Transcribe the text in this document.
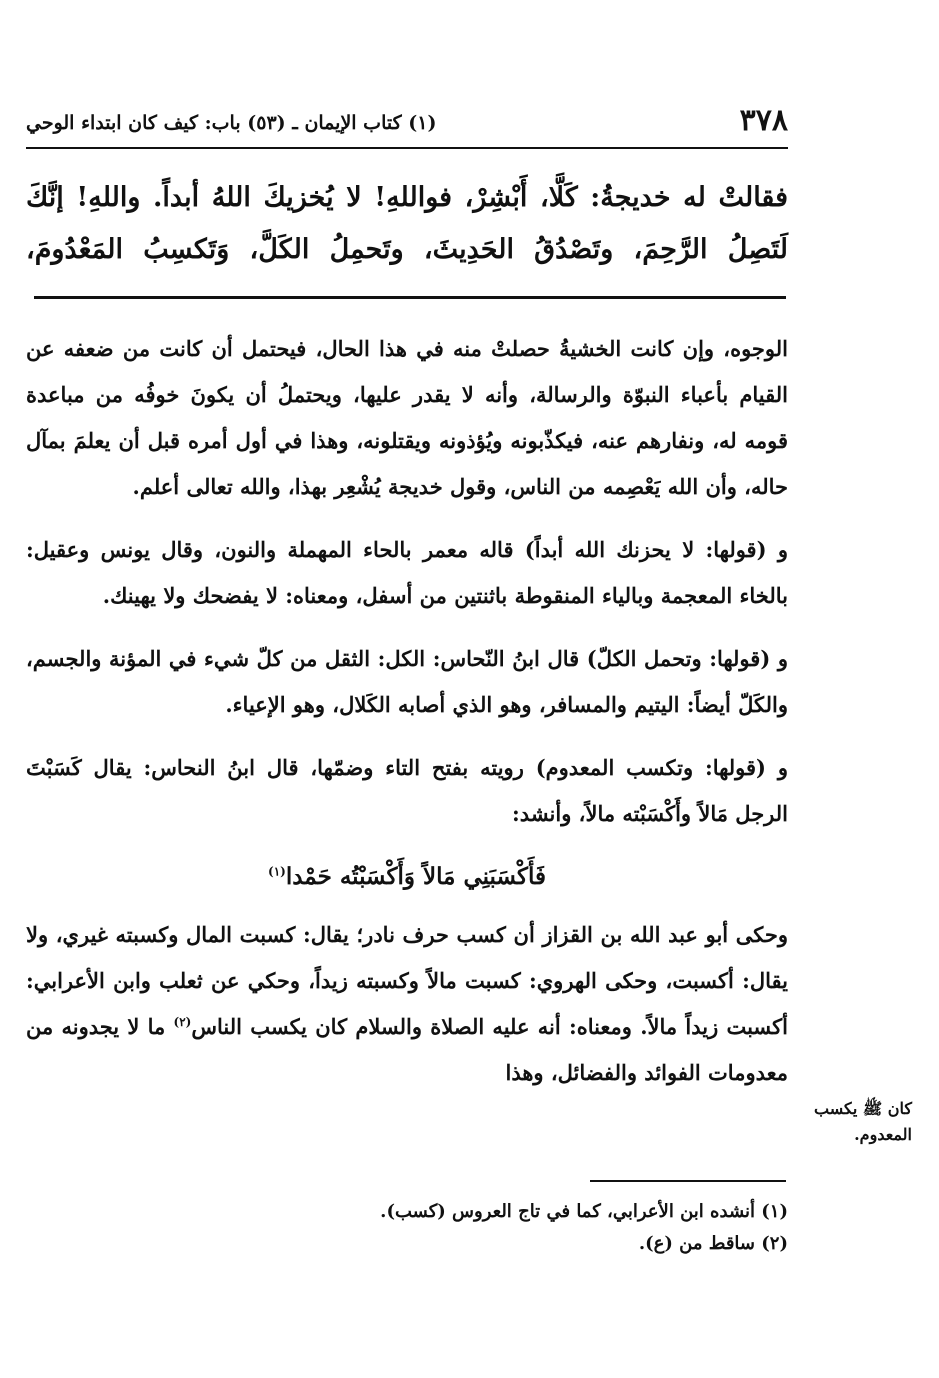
٣٧٨
(١) كتاب الإيمان ـ (٥٣) باب: كيف كان ابتداء الوحي
فقالتْ له خديجةُ: كَلَّا، أَبْشِرْ، فواللهِ! لا يُخزيكَ اللهُ أبداً. واللهِ! إنَّكَ لَتَصِلُ الرَّحِمَ، وتَصْدُقُ الحَدِيثَ، وتَحمِلُ الكَلَّ، وَتَكسِبُ المَعْدُومَ،

الوجوه، وإن كانت الخشيةُ حصلتْ منه في هذا الحال، فيحتمل أن كانت من ضعفه عن القيام بأعباء النبوّة والرسالة، وأنه لا يقدر عليها، ويحتملُ أن يكونَ خوفُه من مباعدة قومه له، ونفارهم عنه، فيكذّبونه ويُؤذونه ويقتلونه، وهذا في أول أمره قبل أن يعلمَ بمآل حاله، وأن الله يَعْصِمه من الناس، وقول خديجة يُشْعِر بهذا، والله تعالى أعلم.

و (قولها: لا يحزنك الله أبداً) قاله معمر بالحاء المهملة والنون، وقال يونس وعقيل: بالخاء المعجمة وبالياء المنقوطة باثنتين من أسفل، ومعناه: لا يفضحك ولا يهينك.

و (قولها: وتحمل الكلّ) قال ابنُ النّحاس: الكل: الثقل من كلّ شيء في المؤنة والجسم، والكَلّ أيضاً: اليتيم والمسافر، وهو الذي أصابه الكَلال، وهو الإعياء.

و (قولها: وتكسب المعدوم) رويته بفتح التاء وضمّها، قال ابنُ النحاس: يقال كَسَبْتَ الرجل مَالاً وأَكْسَبْته مالاً، وأنشد:

فَأَكْسَبَنِي مَالاً وَأَكْسَبْتُه حَمْدا$^{(١)}$

وحكى أبو عبد الله بن القزاز أن كسب حرف نادر؛ يقال: كسبت المال وكسبته غيري، ولا يقال: أكسبت، وحكى الهروي: كسبت مالاً وكسبته زيداً، وحكي عن ثعلب وابن الأعرابي: أكسبت زيداً مالاً. ومعناه: أنه عليه الصلاة والسلام كان يكسب الناس$^{(٢)}$ ما لا يجدونه من معدومات الفوائد والفضائل، وهذا

كان ﷺ يكسب المعدوم.

(١) أنشده ابن الأعرابي، كما في تاج العروس (كسب).

(٢) ساقط من (ع).
